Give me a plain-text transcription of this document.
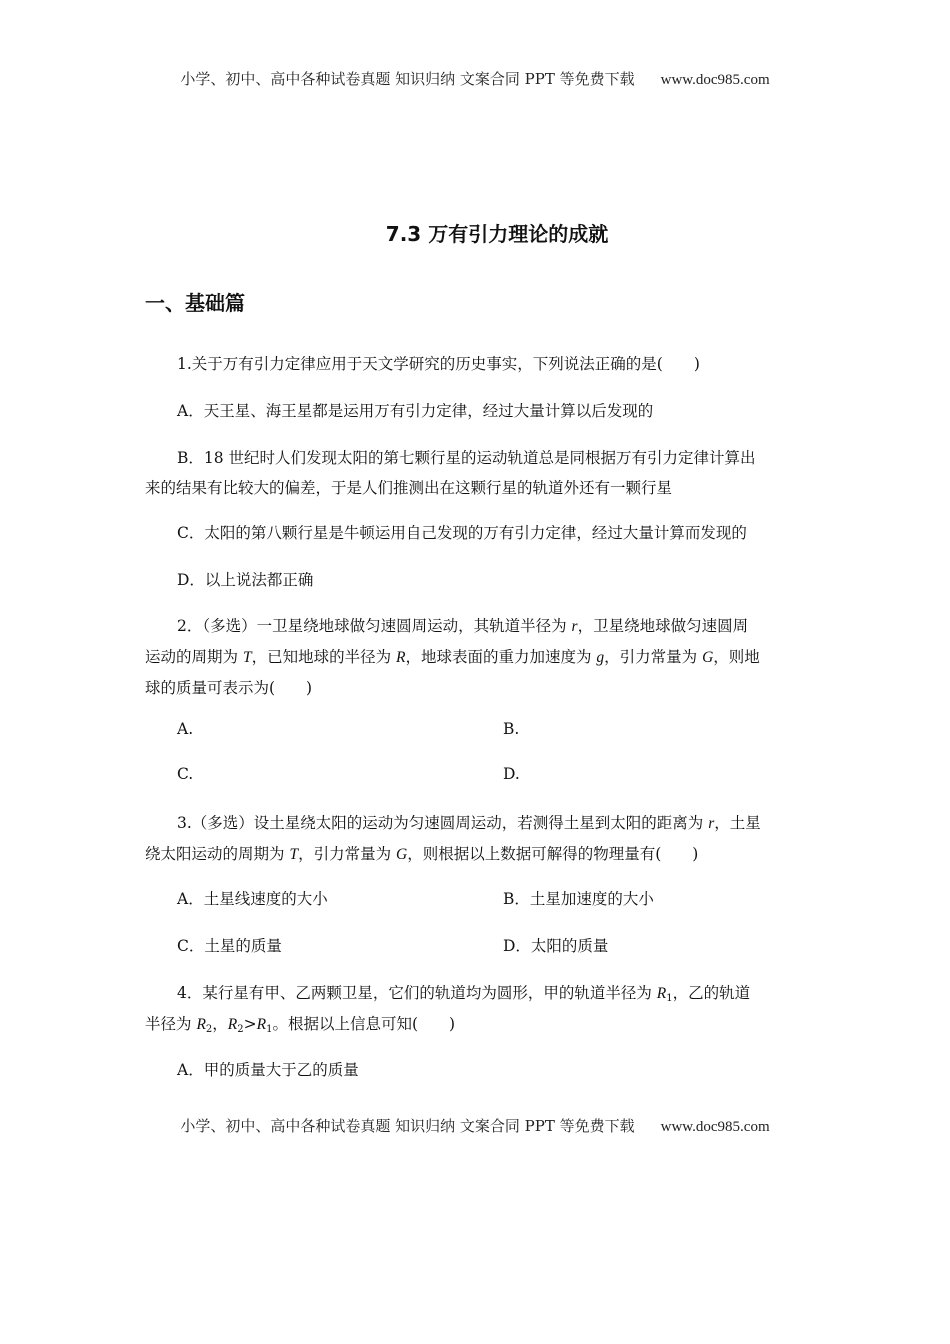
小学、初中、高中各种试卷真题 知识归纳 文案合同 PPT 等免费下载 www.doc985.com
7.3 万有引力理论的成就
一、基础篇
1.关于万有引力定律应用于天文学研究的历史事实，下列说法正确的是(　　)
A．天王星、海王星都是运用万有引力定律，经过大量计算以后发现的
B．18 世纪时人们发现太阳的第七颗行星的运动轨道总是同根据万有引力定律计算出
来的结果有比较大的偏差，于是人们推测出在这颗行星的轨道外还有一颗行星
C．太阳的第八颗行星是牛顿运用自己发现的万有引力定律，经过大量计算而发现的
D．以上说法都正确
2．（多选）一卫星绕地球做匀速圆周运动，其轨道半径为 r，卫星绕地球做匀速圆周
运动的周期为 T，已知地球的半径为 R，地球表面的重力加速度为 g，引力常量为 G，则地
球的质量可表示为(　　)
A.	B.
C.	D.
3.（多选）设土星绕太阳的运动为匀速圆周运动，若测得土星到太阳的距离为 r，土星
绕太阳运动的周期为 T，引力常量为 G，则根据以上数据可解得的物理量有(　　)
A．土星线速度的大小	B．土星加速度的大小
C．土星的质量	D．太阳的质量
4．某行星有甲、乙两颗卫星，它们的轨道均为圆形，甲的轨道半径为 $R_1$，乙的轨道
半径为 $R_2$，$R_2>R_1$。根据以上信息可知(　　)
A．甲的质量大于乙的质量
小学、初中、高中各种试卷真题 知识归纳 文案合同 PPT 等免费下载 www.doc985.com
